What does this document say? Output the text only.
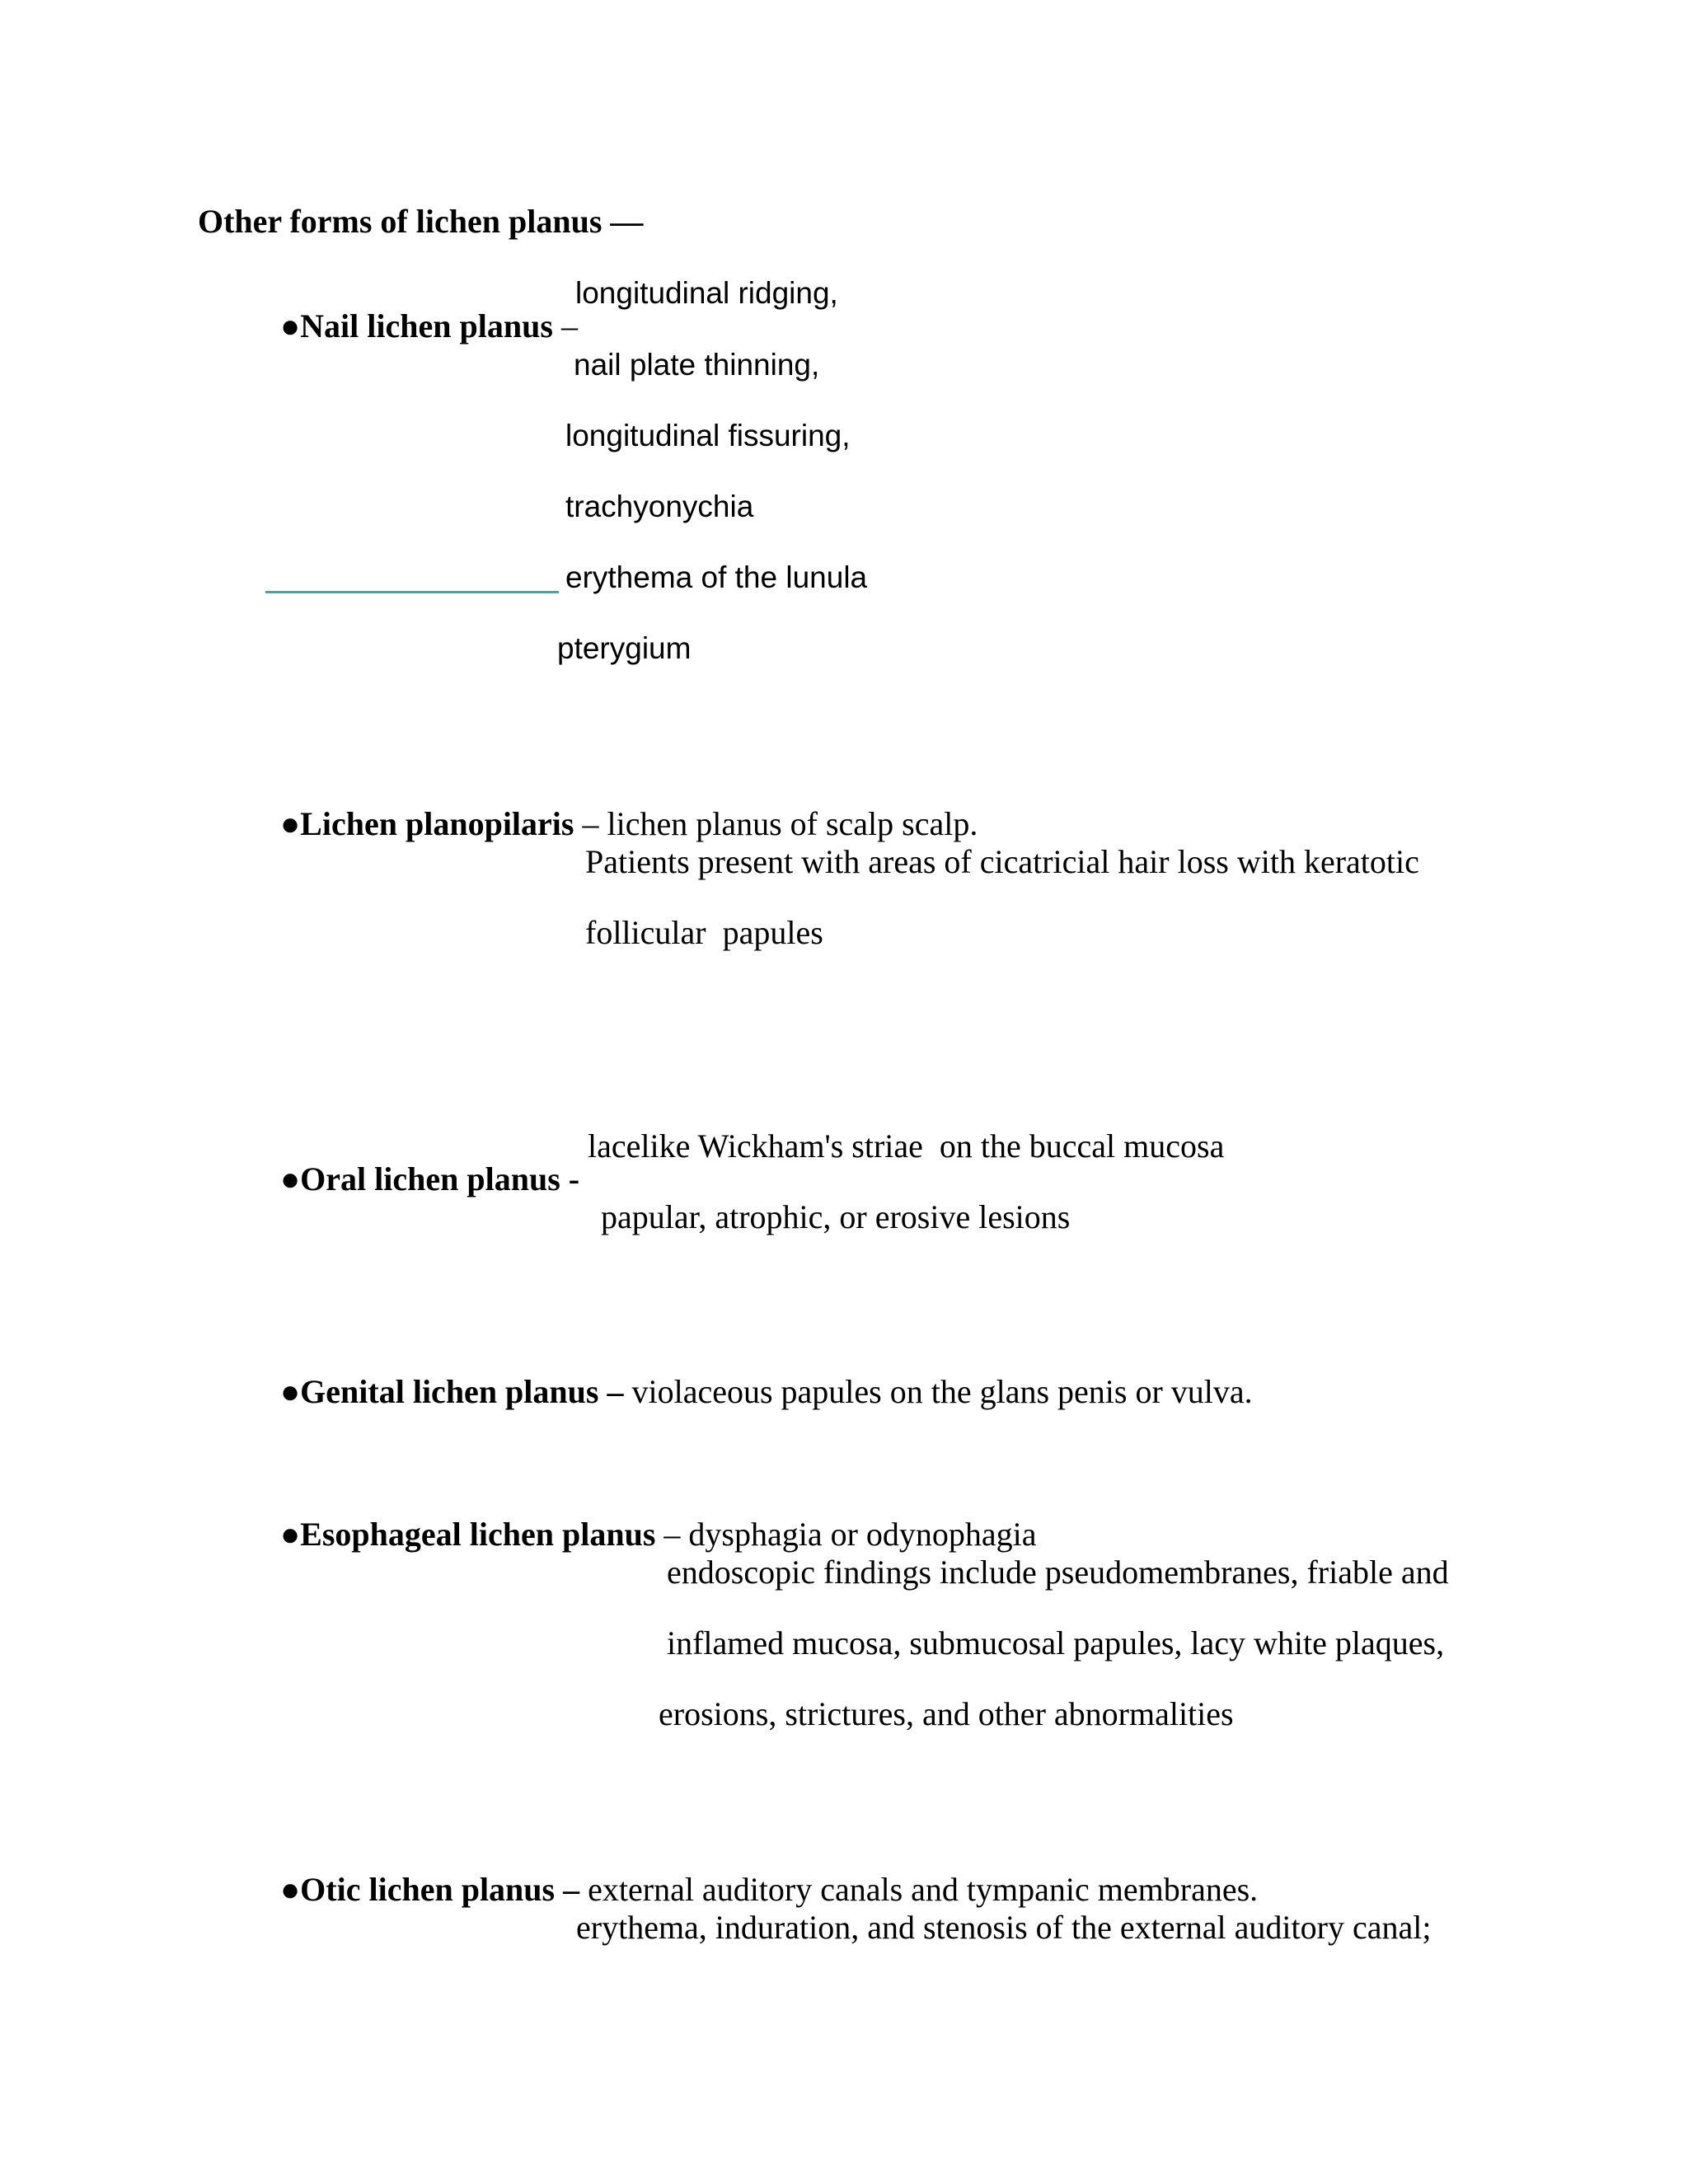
Other forms of lichen planus —

●Nail lichen planus –

longitudinal ridging,
nail plate thinning,
longitudinal fissuring,
trachyonychia
erythema of the lunula
pterygium

●Lichen planopilaris – lichen planus of scalp scalp.

Patients present with areas of cicatricial hair loss with keratotic
follicular  papules

●Oral lichen planus -

lacelike Wickham's striae  on the buccal mucosa
papular, atrophic, or erosive lesions

●Genital lichen planus – violaceous papules on the glans penis or vulva.

●Esophageal lichen planus – dysphagia or odynophagia

endoscopic findings include pseudomembranes, friable and
inflamed mucosa, submucosal papules, lacy white plaques,
erosions, strictures, and other abnormalities

●Otic lichen planus – external auditory canals and tympanic membranes.

erythema, induration, and stenosis of the external auditory canal;
